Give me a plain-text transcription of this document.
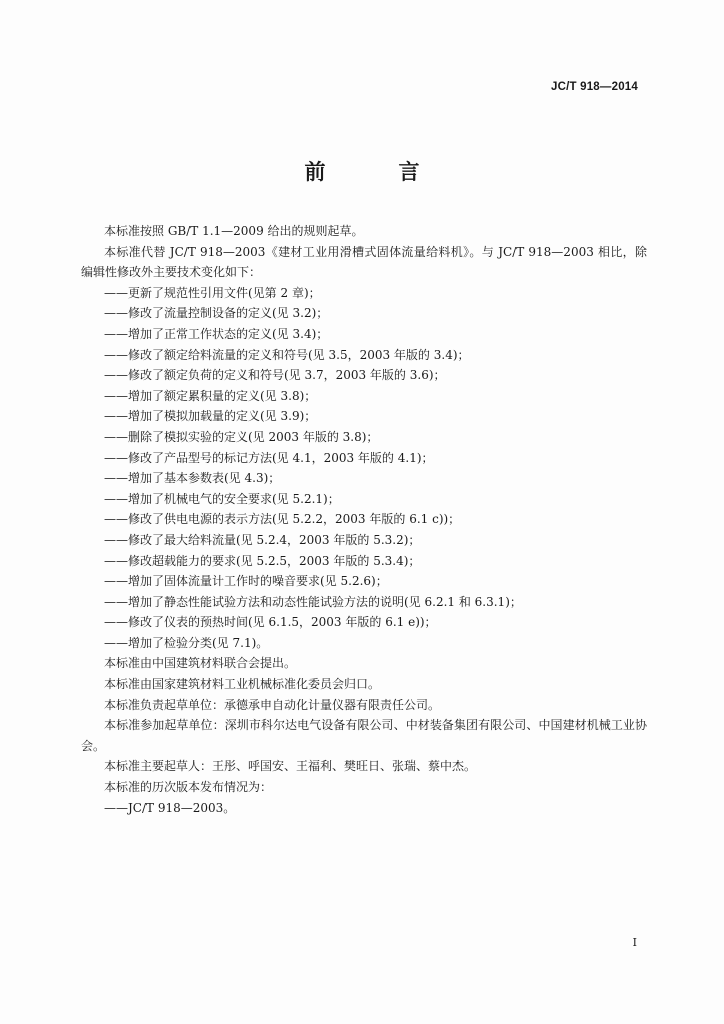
JC/T 918—2014
前　言

本标准按照 GB/T 1.1—2009 给出的规则起草。

本标准代替 JC/T 918—2003《建材工业用滑槽式固体流量给料机》。与 JC/T 918—2003 相比，除编辑性修改外主要技术变化如下：

——更新了规范性引用文件(见第 2 章)；

——修改了流量控制设备的定义(见 3.2)；

——增加了正常工作状态的定义(见 3.4)；

——修改了额定给料流量的定义和符号(见 3.5，2003 年版的 3.4)；

——修改了额定负荷的定义和符号(见 3.7，2003 年版的 3.6)；

——增加了额定累积量的定义(见 3.8)；

——增加了模拟加载量的定义(见 3.9)；

——删除了模拟实验的定义(见 2003 年版的 3.8)；

——修改了产品型号的标记方法(见 4.1，2003 年版的 4.1)；

——增加了基本参数表(见 4.3)；

——增加了机械电气的安全要求(见 5.2.1)；

——修改了供电电源的表示方法(见 5.2.2，2003 年版的 6.1 c))；

——修改了最大给料流量(见 5.2.4，2003 年版的 5.3.2)；

——修改超载能力的要求(见 5.2.5，2003 年版的 5.3.4)；

——增加了固体流量计工作时的噪音要求(见 5.2.6)；

——增加了静态性能试验方法和动态性能试验方法的说明(见 6.2.1 和 6.3.1)；

——修改了仪表的预热时间(见 6.1.5，2003 年版的 6.1 e))；

——增加了检验分类(见 7.1)。

本标准由中国建筑材料联合会提出。

本标准由国家建筑材料工业机械标准化委员会归口。

本标准负责起草单位：承德承申自动化计量仪器有限责任公司。

本标准参加起草单位：深圳市科尔达电气设备有限公司、中材装备集团有限公司、中国建材机械工业协会。

本标准主要起草人：王彤、呼国安、王福利、樊旺日、张瑞、蔡中杰。

本标准的历次版本发布情况为：

——JC/T 918—2003。

I
